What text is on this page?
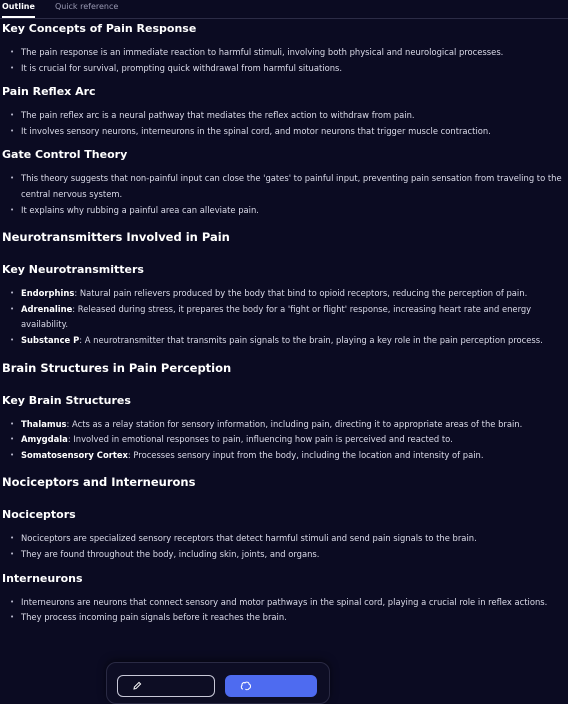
Outline	Quick reference
Key Concepts of Pain Response
• The pain response is an immediate reaction to harmful stimuli, involving both physical and neurological processes.
• It is crucial for survival, prompting quick withdrawal from harmful situations.
Pain Reflex Arc
• The pain reflex arc is a neural pathway that mediates the reflex action to withdraw from pain.
• It involves sensory neurons, interneurons in the spinal cord, and motor neurons that trigger muscle contraction.
Gate Control Theory
• This theory suggests that non-painful input can close the 'gates' to painful input, preventing pain sensation from traveling to the central nervous system.
• It explains why rubbing a painful area can alleviate pain.
Neurotransmitters Involved in Pain
Key Neurotransmitters
• Endorphins: Natural pain relievers produced by the body that bind to opioid receptors, reducing the perception of pain.
• Adrenaline: Released during stress, it prepares the body for a 'fight or flight' response, increasing heart rate and energy availability.
• Substance P: A neurotransmitter that transmits pain signals to the brain, playing a key role in the pain perception process.
Brain Structures in Pain Perception
Key Brain Structures
• Thalamus: Acts as a relay station for sensory information, including pain, directing it to appropriate areas of the brain.
• Amygdala: Involved in emotional responses to pain, influencing how pain is perceived and reacted to.
• Somatosensory Cortex: Processes sensory input from the body, including the location and intensity of pain.
Nociceptors and Interneurons
Nociceptors
• Nociceptors are specialized sensory receptors that detect harmful stimuli and send pain signals to the brain.
• They are found throughout the body, including skin, joints, and organs.
Interneurons
• Interneurons are neurons that connect sensory and motor pathways in the spinal cord, playing a crucial role in reflex actions.
• They process incoming pain signals before it reaches the brain.
